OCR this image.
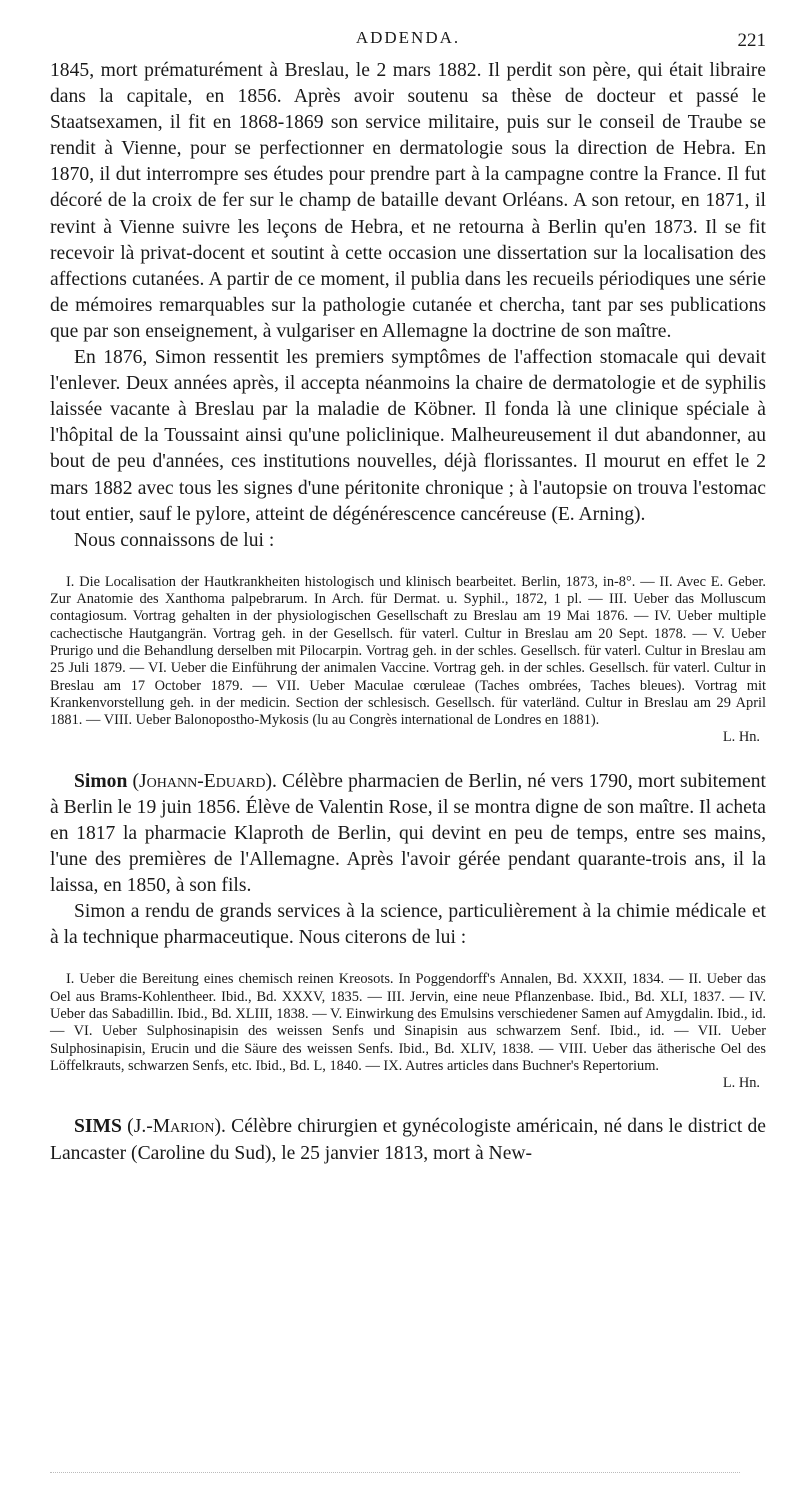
ADDENDA.	221

1845, mort prématurément à Breslau, le 2 mars 1882. Il perdit son père, qui était libraire dans la capitale, en 1856. Après avoir soutenu sa thèse de docteur et passé le Staatsexamen, il fit en 1868-1869 son service militaire, puis sur le conseil de Traube se rendit à Vienne, pour se perfectionner en dermatologie sous la direction de Hebra. En 1870, il dut interrompre ses études pour prendre part à la campagne contre la France. Il fut décoré de la croix de fer sur le champ de bataille devant Orléans. A son retour, en 1871, il revint à Vienne suivre les leçons de Hebra, et ne retourna à Berlin qu'en 1873. Il se fit recevoir là privat-docent et soutint à cette occasion une dissertation sur la localisation des affections cutanées. A partir de ce moment, il publia dans les recueils périodiques une série de mémoires remarquables sur la pathologie cutanée et chercha, tant par ses publications que par son enseignement, à vulgariser en Allemagne la doctrine de son maître.

En 1876, Simon ressentit les premiers symptômes de l'affection stomacale qui devait l'enlever. Deux années après, il accepta néanmoins la chaire de dermatologie et de syphilis laissée vacante à Breslau par la maladie de Köbner. Il fonda là une clinique spéciale à l'hôpital de la Toussaint ainsi qu'une policlinique. Malheureusement il dut abandonner, au bout de peu d'années, ces institutions nouvelles, déjà florissantes. Il mourut en effet le 2 mars 1882 avec tous les signes d'une péritonite chronique ; à l'autopsie on trouva l'estomac tout entier, sauf le pylore, atteint de dégénérescence cancéreuse (E. Arning).

Nous connaissons de lui :

I. Die Localisation der Hautkrankheiten histologisch und klinisch bearbeitet. Berlin, 1873, in-8°. — II. Avec E. Geber. Zur Anatomie des Xanthoma palpebrarum. In Arch. für Dermat. u. Syphil., 1872, 1 pl. — III. Ueber das Molluscum contagiosum. Vortrag gehalten in der physiologischen Gesellschaft zu Breslau am 19 Mai 1876. — IV. Ueber multiple cachectische Hautgangrän. Vortrag geh. in der Gesellsch. für vaterl. Cultur in Breslau am 20 Sept. 1878. — V. Ueber Prurigo und die Behandlung derselben mit Pilocarpin. Vortrag geh. in der schles. Gesellsch. für vaterl. Cultur in Breslau am 25 Juli 1879. — VI. Ueber die Einführung der animalen Vaccine. Vortrag geh. in der schles. Gesellsch. für vaterl. Cultur in Breslau am 17 October 1879. — VII. Ueber Maculae cœruleae (Taches ombrées, Taches bleues). Vortrag mit Krankenvorstellung geh. in der medicin. Section der schlesisch. Gesellsch. für vaterländ. Cultur in Breslau am 29 April 1881. — VIII. Ueber Balonopostho-Mykosis (lu au Congrès international de Londres en 1881).

L. Hn.

Simon (Johann-Eduard). Célèbre pharmacien de Berlin, né vers 1790, mort subitement à Berlin le 19 juin 1856. Élève de Valentin Rose, il se montra digne de son maître. Il acheta en 1817 la pharmacie Klaproth de Berlin, qui devint en peu de temps, entre ses mains, l'une des premières de l'Allemagne. Après l'avoir gérée pendant quarante-trois ans, il la laissa, en 1850, à son fils.

Simon a rendu de grands services à la science, particulièrement à la chimie médicale et à la technique pharmaceutique. Nous citerons de lui :

I. Ueber die Bereitung eines chemisch reinen Kreosots. In Poggendorff's Annalen, Bd. XXXII, 1834. — II. Ueber das Oel aus Brams-Kohlentheer. Ibid., Bd. XXXV, 1835. — III. Jervin, eine neue Pflanzenbase. Ibid., Bd. XLI, 1837. — IV. Ueber das Sabadillin. Ibid., Bd. XLIII, 1838. — V. Einwirkung des Emulsins verschiedener Samen auf Amygdalin. Ibid., id. — VI. Ueber Sulphosinapisin des weissen Senfs und Sinapisin aus schwarzem Senf. Ibid., id. — VII. Ueber Sulphosinapisin, Erucin und die Säure des weissen Senfs. Ibid., Bd. XLIV, 1838. — VIII. Ueber das ätherische Oel des Löffelkrauts, schwarzen Senfs, etc. Ibid., Bd. L, 1840. — IX. Autres articles dans Buchner's Repertorium.

L. Hn.

SIMS (J.-Marion). Célèbre chirurgien et gynécologiste américain, né dans le district de Lancaster (Caroline du Sud), le 25 janvier 1813, mort à New-
